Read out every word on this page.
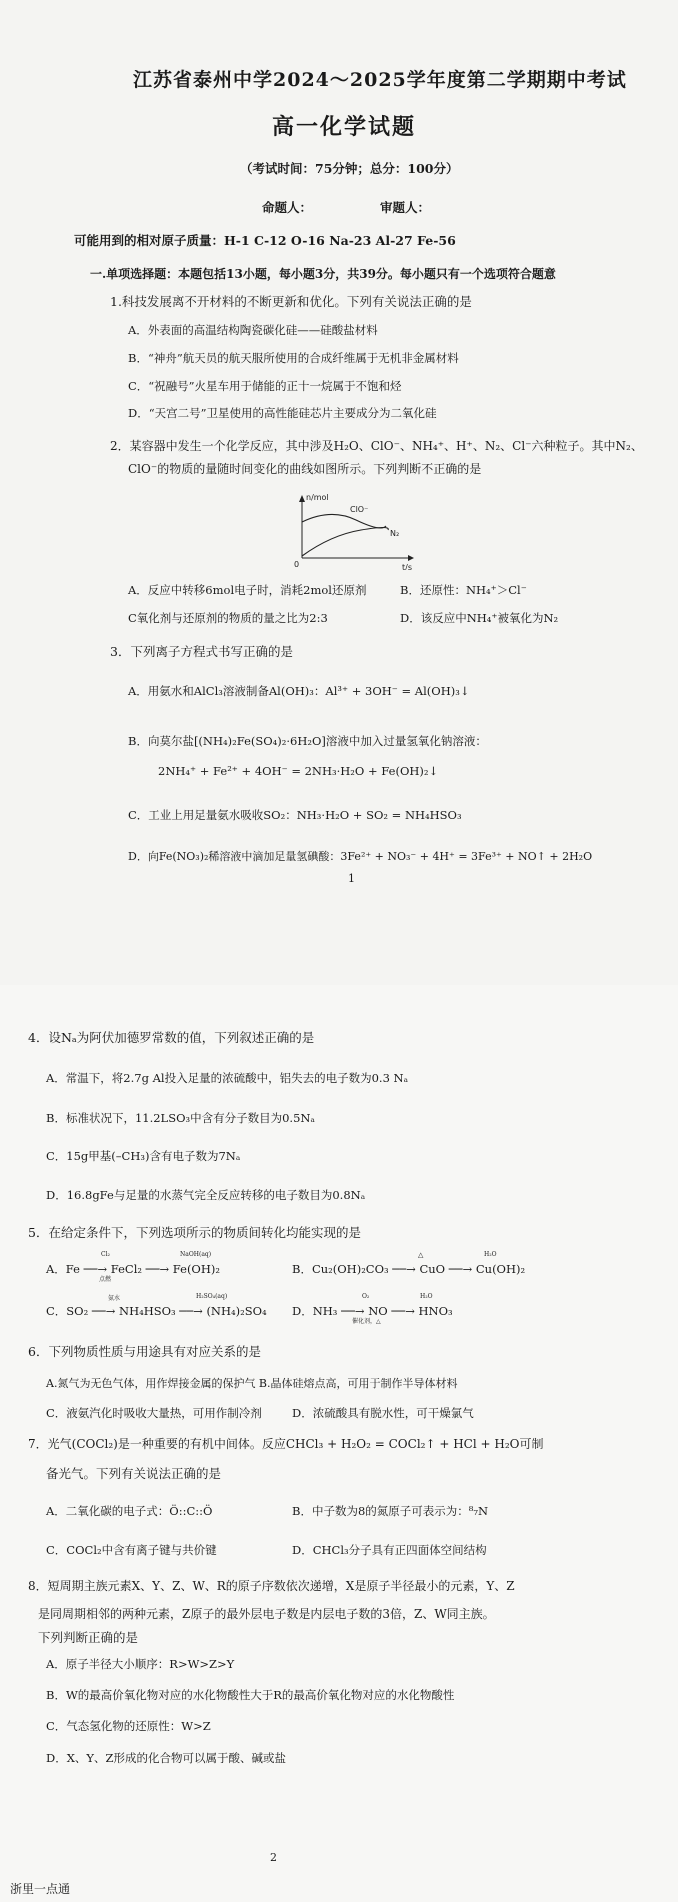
江苏省泰州中学2024～2025学年度第二学期期中考试
高一化学试题
（考试时间：75分钟；总分：100分）
命题人：	审题人：
可能用到的相对原子质量：H-1 C-12 O-16 Na-23 Al-27 Fe-56
一.单项选择题：本题包括13小题，每小题3分，共39分。每小题只有一个选项符合题意
1.科技发展离不开材料的不断更新和优化。下列有关说法正确的是
A．外表面的高温结构陶瓷碳化硅——硅酸盐材料
B．“神舟”航天员的航天服所使用的合成纤维属于无机非金属材料
C．“祝融号”火星车用于储能的正十一烷属于不饱和烃
D．“天宫二号”卫星使用的高性能硅芯片主要成分为二氧化硅
2．某容器中发生一个化学反应，其中涉及H₂O、ClO⁻、NH₄⁺、H⁺、N₂、Cl⁻六种粒子。其中N₂、
ClO⁻的物质的量随时间变化的曲线如图所示。下列判断不正确的是
n/mol
t/s
0
ClO⁻
N₂
A．反应中转移6mol电子时，消耗2mol还原剂	B．还原性：NH₄⁺＞Cl⁻
C氧化剂与还原剂的物质的量之比为2:3	D．该反应中NH₄⁺被氧化为N₂
3．下列离子方程式书写正确的是
A．用氨水和AlCl₃溶液制备Al(OH)₃：Al³⁺ + 3OH⁻ = Al(OH)₃↓
B．向莫尔盐[(NH₄)₂Fe(SO₄)₂·6H₂O]溶液中加入过量氢氧化钠溶液：
2NH₄⁺ + Fe²⁺ + 4OH⁻ = 2NH₃·H₂O + Fe(OH)₂↓
C．工业上用足量氨水吸收SO₂：NH₃·H₂O + SO₂ = NH₄HSO₃
D．向Fe(NO₃)₂稀溶液中滴加足量氢碘酸：3Fe²⁺ + NO₃⁻ + 4H⁺ = 3Fe³⁺ + NO↑ + 2H₂O
1
4．设Nₐ为阿伏加德罗常数的值，下列叙述正确的是
A．常温下，将2.7g Al投入足量的浓硫酸中，铝失去的电子数为0.3 Nₐ
B．标准状况下，11.2LSO₃中含有分子数目为0.5Nₐ
C．15g甲基(–CH₃)含有电子数为7Nₐ
D．16.8gFe与足量的水蒸气完全反应转移的电子数目为0.8Nₐ
5．在给定条件下，下列选项所示的物质间转化均能实现的是
A．Fe ──→ FeCl₂ ──→ Fe(OH)₂
Cl₂
点燃
NaOH(aq)
B．Cu₂(OH)₂CO₃ ──→ CuO ──→ Cu(OH)₂
△	H₂O
C．SO₂ ──→ NH₄HSO₃ ──→ (NH₄)₂SO₄
氨水	H₂SO₄(aq)
D．NH₃ ──→ NO ──→ HNO₃
O₂
催化剂，△
H₂O
6．下列物质性质与用途具有对应关系的是
A.氮气为无色气体，用作焊接金属的保护气 B.晶体硅熔点高，可用于制作半导体材料
C．液氨汽化时吸收大量热，可用作制冷剂	D．浓硫酸具有脱水性，可干燥氯气
7．光气(COCl₂)是一种重要的有机中间体。反应CHCl₃ + H₂O₂ = COCl₂↑ + HCl + H₂O可制
备光气。下列有关说法正确的是
A．二氧化碳的电子式：Ö::C::Ö	B．中子数为8的氮原子可表示为：⁸₇N
C．COCl₂中含有离子键与共价键	D．CHCl₃分子具有正四面体空间结构
8．短周期主族元素X、Y、Z、W、R的原子序数依次递增，X是原子半径最小的元素，Y、Z
是同周期相邻的两种元素，Z原子的最外层电子数是内层电子数的3倍，Z、W同主族。
下列判断正确的是
A．原子半径大小顺序：R>W>Z>Y
B．W的最高价氧化物对应的水化物酸性大于R的最高价氧化物对应的水化物酸性
C．气态氢化物的还原性：W>Z
D．X、Y、Z形成的化合物可以属于酸、碱或盐
2
浙里一点通
